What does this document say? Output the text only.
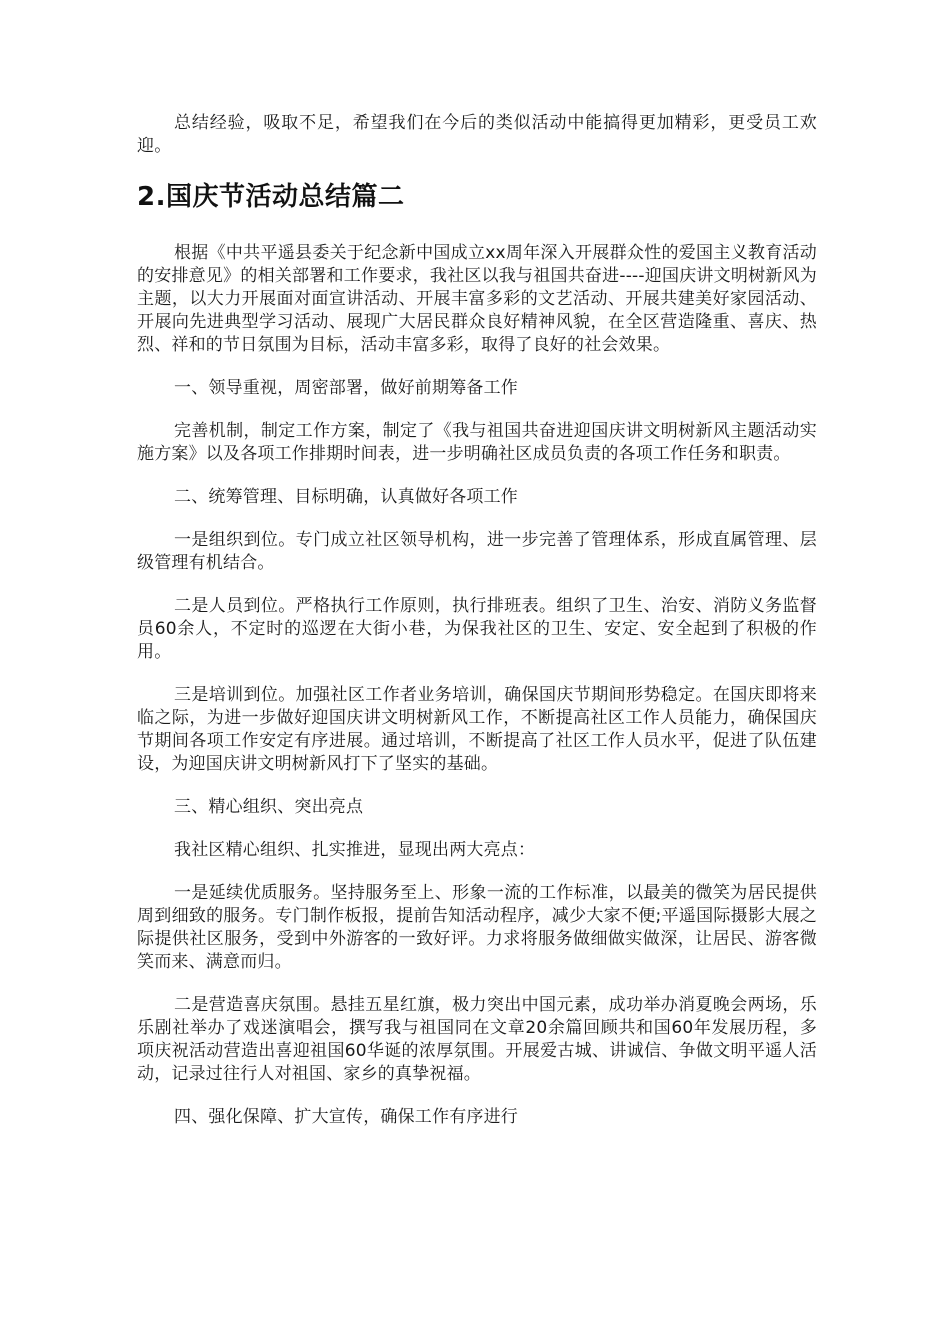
总结经验，吸取不足，希望我们在今后的类似活动中能搞得更加精彩，更受员工欢迎。

2.国庆节活动总结篇二

根据《中共平遥县委关于纪念新中国成立xx周年深入开展群众性的爱国主义教育活动的安排意见》的相关部署和工作要求，我社区以我与祖国共奋进----迎国庆讲文明树新风为主题，以大力开展面对面宣讲活动、开展丰富多彩的文艺活动、开展共建美好家园活动、开展向先进典型学习活动、展现广大居民群众良好精神风貌，在全区营造隆重、喜庆、热烈、祥和的节日氛围为目标，活动丰富多彩，取得了良好的社会效果。

一、领导重视，周密部署，做好前期筹备工作

完善机制，制定工作方案，制定了《我与祖国共奋进迎国庆讲文明树新风主题活动实施方案》以及各项工作排期时间表，进一步明确社区成员负责的各项工作任务和职责。

二、统筹管理、目标明确，认真做好各项工作

一是组织到位。专门成立社区领导机构，进一步完善了管理体系，形成直属管理、层级管理有机结合。

二是人员到位。严格执行工作原则，执行排班表。组织了卫生、治安、消防义务监督员60余人，不定时的巡逻在大街小巷，为保我社区的卫生、安定、安全起到了积极的作用。

三是培训到位。加强社区工作者业务培训，确保国庆节期间形势稳定。在国庆即将来临之际，为进一步做好迎国庆讲文明树新风工作，不断提高社区工作人员能力，确保国庆节期间各项工作安定有序进展。通过培训，不断提高了社区工作人员水平，促进了队伍建设，为迎国庆讲文明树新风打下了坚实的基础。

三、精心组织、突出亮点

我社区精心组织、扎实推进，显现出两大亮点：

一是延续优质服务。坚持服务至上、形象一流的工作标准，以最美的微笑为居民提供周到细致的服务。专门制作板报，提前告知活动程序，减少大家不便;平遥国际摄影大展之际提供社区服务，受到中外游客的一致好评。力求将服务做细做实做深，让居民、游客微笑而来、满意而归。

二是营造喜庆氛围。悬挂五星红旗，极力突出中国元素，成功举办消夏晚会两场，乐乐剧社举办了戏迷演唱会，撰写我与祖国同在文章20余篇回顾共和国60年发展历程，多项庆祝活动营造出喜迎祖国60华诞的浓厚氛围。开展爱古城、讲诚信、争做文明平遥人活动，记录过往行人对祖国、家乡的真挚祝福。

四、强化保障、扩大宣传，确保工作有序进行
